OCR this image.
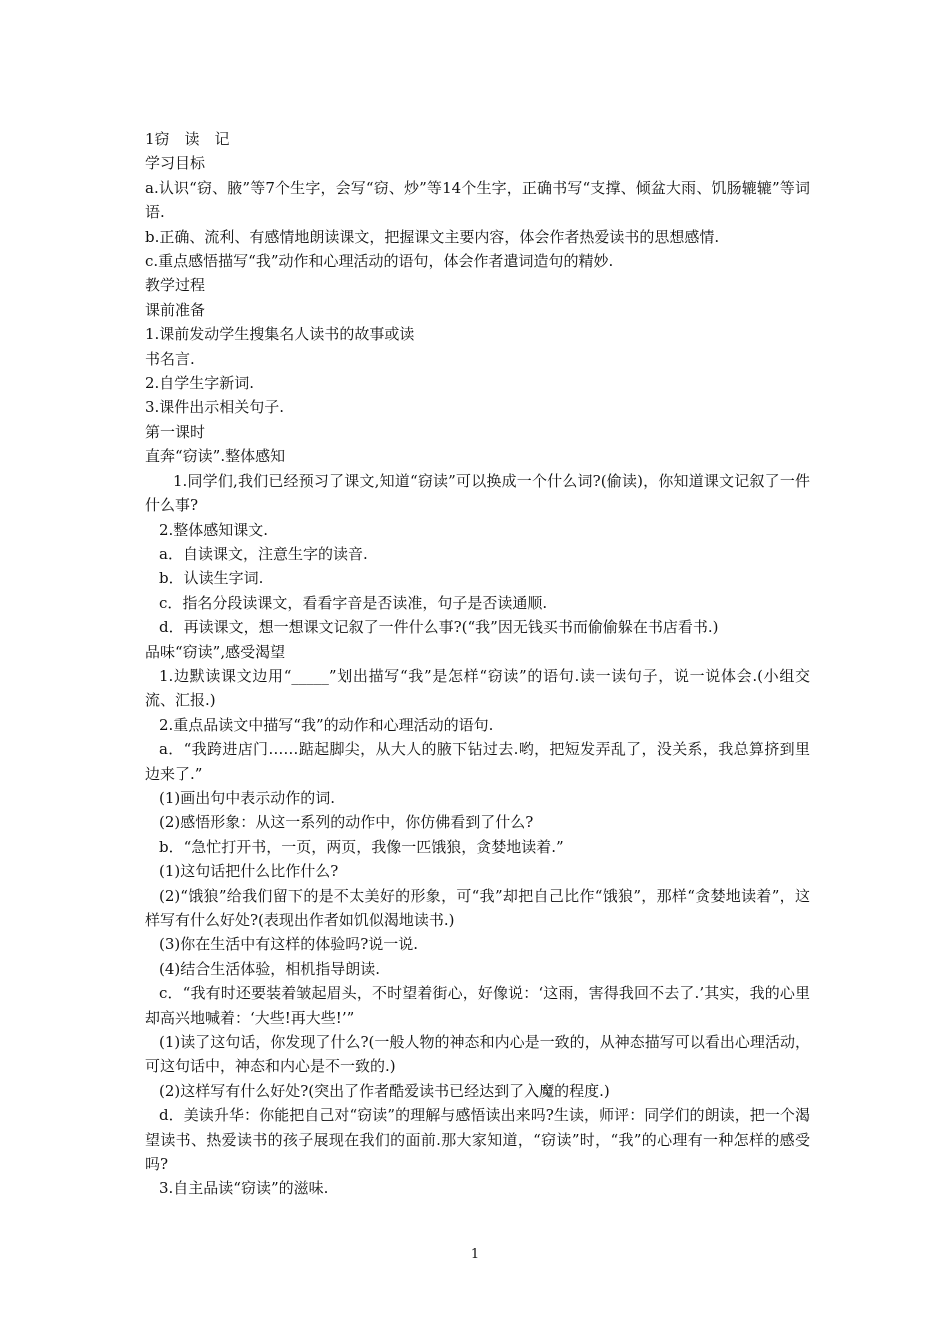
1窃　读　记
学习目标
a.认识“窃、腋”等7个生字，会写“窃、炒”等14个生字，正确书写“支撑、倾盆大雨、饥肠辘辘”等词语.
b.正确、流利、有感情地朗读课文，把握课文主要内容，体会作者热爱读书的思想感情.
c.重点感悟描写“我”动作和心理活动的语句，体会作者遣词造句的精妙.
教学过程
课前准备
1.课前发动学生搜集名人读书的故事或读
书名言.
2.自学生字新词.
3.课件出示相关句子.
第一课时
直奔“窃读”.整体感知
1.同学们,我们已经预习了课文,知道“窃读”可以换成一个什么词?(偷读)，你知道课文记叙了一件什么事?
2.整体感知课文.
a．自读课文，注意生字的读音.
b．认读生字词.
c．指名分段读课文，看看字音是否读准，句子是否读通顺.
d．再读课文，想一想课文记叙了一件什么事?(“我”因无钱买书而偷偷躲在书店看书.)
品味“窃读”,感受渴望
1.边默读课文边用“_____”划出描写“我”是怎样“窃读”的语句.读一读句子，说一说体会.(小组交流、汇报.)
2.重点品读文中描写“我”的动作和心理活动的语句.
a．“我跨进店门……踮起脚尖，从大人的腋下钻过去.哟，把短发弄乱了，没关系，我总算挤到里边来了.”
(1)画出句中表示动作的词.
(2)感悟形象：从这一系列的动作中，你仿佛看到了什么?
b．“急忙打开书，一页，两页，我像一匹饿狼，贪婪地读着.”
(1)这句话把什么比作什么?
(2)“饿狼”给我们留下的是不太美好的形象，可“我”却把自己比作“饿狼”，那样“贪婪地读着”，这样写有什么好处?(表现出作者如饥似渴地读书.)
(3)你在生活中有这样的体验吗?说一说.
(4)结合生活体验，相机指导朗读.
c．“我有时还要装着皱起眉头，不时望着街心，好像说：‘这雨，害得我回不去了.’其实，我的心里却高兴地喊着：‘大些!再大些!’”
(1)读了这句话，你发现了什么?(一般人物的神态和内心是一致的，从神态描写可以看出心理活动，可这句话中，神态和内心是不一致的.)
(2)这样写有什么好处?(突出了作者酷爱读书已经达到了入魔的程度.)
d．美读升华：你能把自己对“窃读”的理解与感悟读出来吗?生读，师评：同学们的朗读，把一个渴望读书、热爱读书的孩子展现在我们的面前.那大家知道，“窃读”时，“我”的心理有一种怎样的感受吗?
3.自主品读“窃读”的滋味.
1
